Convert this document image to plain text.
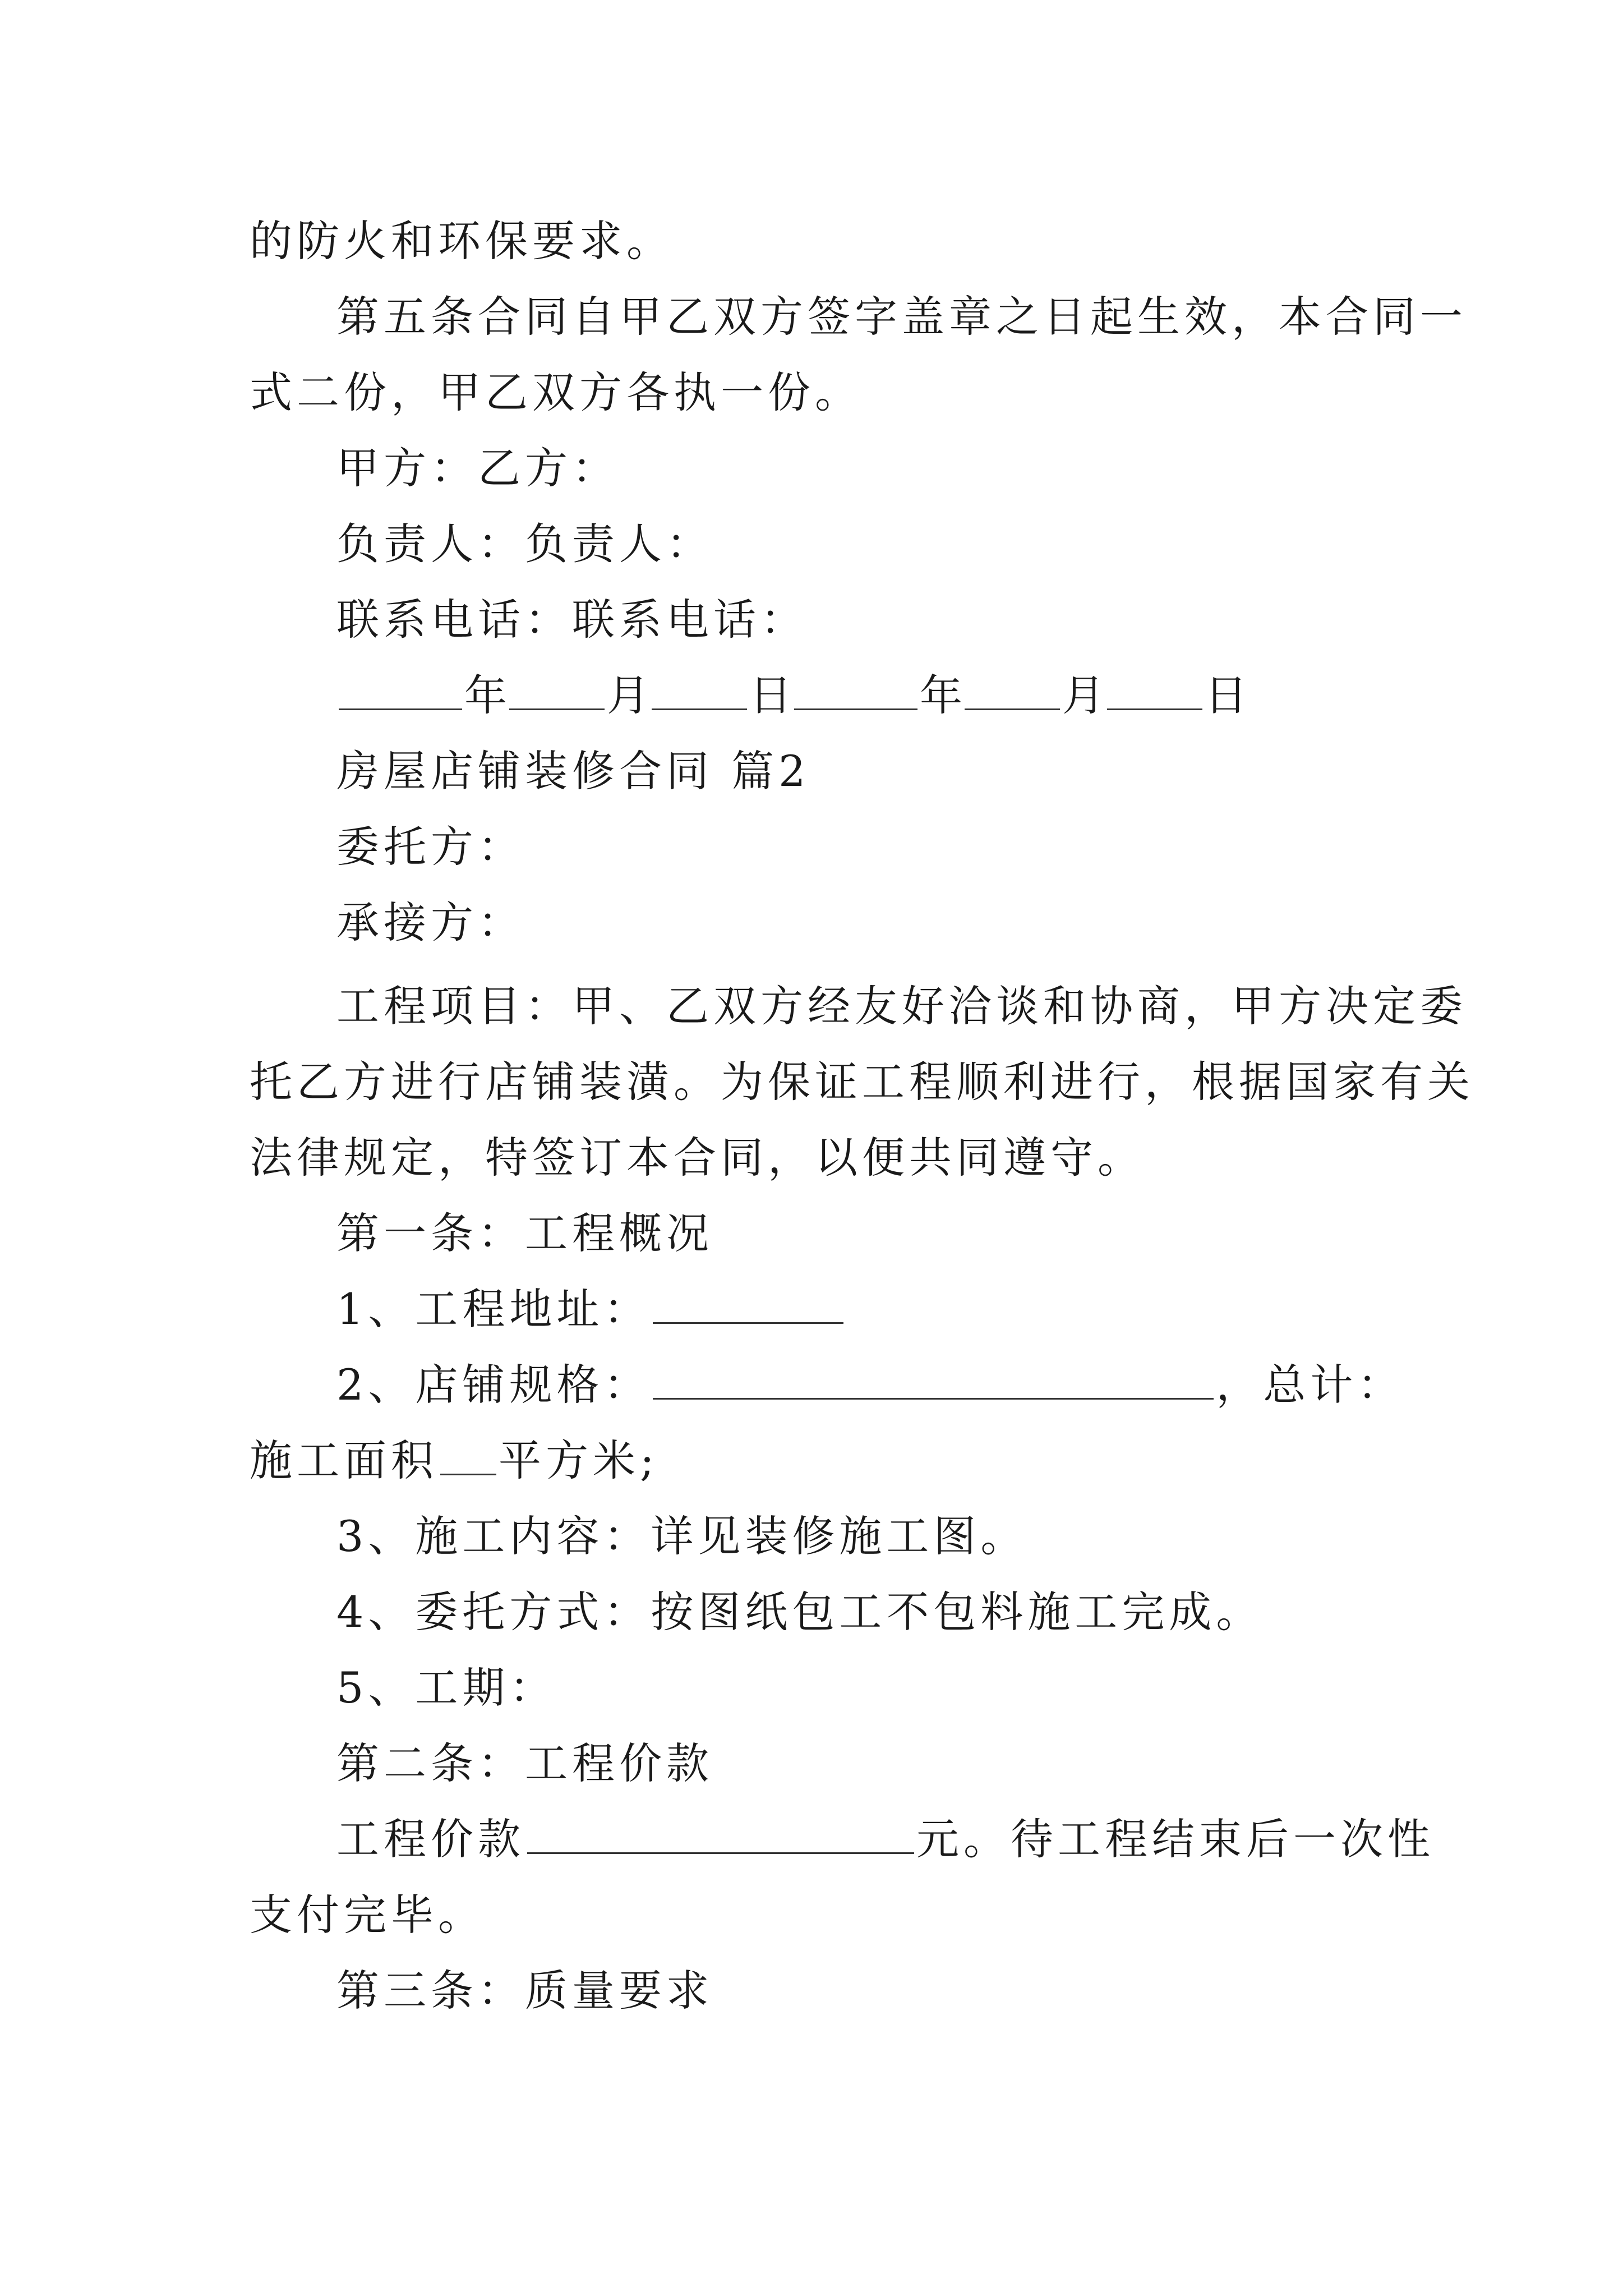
的防火和环保要求。
第五条合同自甲乙双方签字盖章之日起生效，本合同一
式二份，甲乙双方各执一份。
甲方：乙方：
负责人：负责人：
联系电话：联系电话：
年 月 日	年 月 日
房屋店铺装修合同 篇2
委托方：
承接方：
工程项目：甲、乙双方经友好洽谈和协商，甲方决定委
托乙方进行店铺装潢。为保证工程顺利进行，根据国家有关
法律规定，特签订本合同，以便共同遵守。
第一条：工程概况
1、工程地址：
2、店铺规格：	，总计：
施工面积 平方米;
3、施工内容：详见装修施工图。
4、委托方式：按图纸包工不包料施工完成。
5、工期：
第二条：工程价款
工程价款	元。待工程结束后一次性
支付完毕。
第三条：质量要求
